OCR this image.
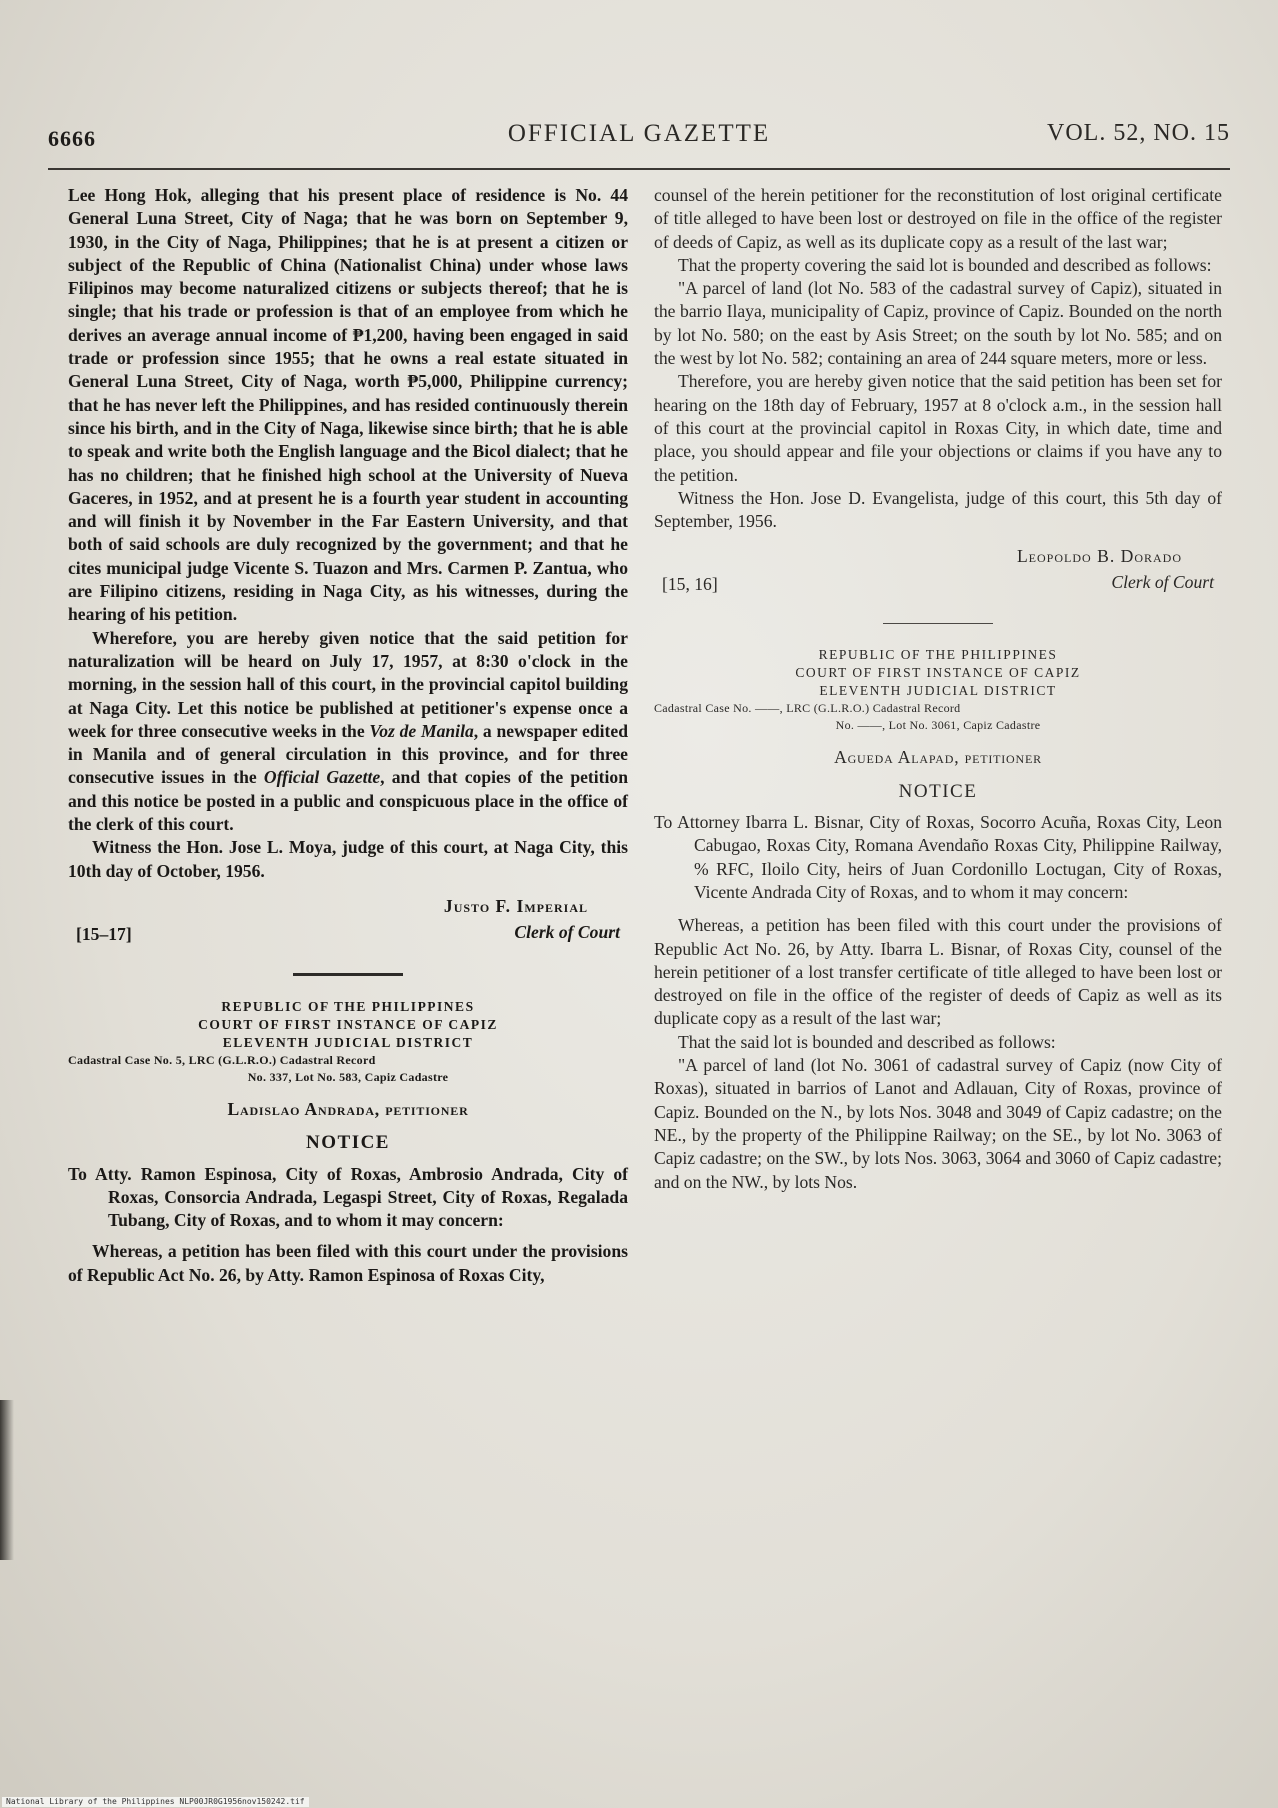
6666	OFFICIAL GAZETTE	VOL. 52, NO. 15

Lee Hong Hok, alleging that his present place of residence is No. 44 General Luna Street, City of Naga; that he was born on September 9, 1930, in the City of Naga, Philippines; that he is at present a citizen or subject of the Republic of China (Nationalist China) under whose laws Filipinos may become naturalized citizens or subjects thereof; that he is single; that his trade or profession is that of an employee from which he derives an average annual income of ₱1,200, having been engaged in said trade or profession since 1955; that he owns a real estate situated in General Luna Street, City of Naga, worth ₱5,000, Philippine currency; that he has never left the Philippines, and has resided continuously therein since his birth, and in the City of Naga, likewise since birth; that he is able to speak and write both the English language and the Bicol dialect; that he has no children; that he finished high school at the University of Nueva Gaceres, in 1952, and at present he is a fourth year student in accounting and will finish it by November in the Far Eastern University, and that both of said schools are duly recognized by the government; and that he cites municipal judge Vicente S. Tuazon and Mrs. Carmen P. Zantua, who are Filipino citizens, residing in Naga City, as his witnesses, during the hearing of his petition.

Wherefore, you are hereby given notice that the said petition for naturalization will be heard on July 17, 1957, at 8:30 o'clock in the morning, in the session hall of this court, in the provincial capitol building at Naga City. Let this notice be published at petitioner's expense once a week for three consecutive weeks in the Voz de Manila, a newspaper edited in Manila and of general circulation in this province, and for three consecutive issues in the Official Gazette, and that copies of the petition and this notice be posted in a public and conspicuous place in the office of the clerk of this court.

Witness the Hon. Jose L. Moya, judge of this court, at Naga City, this 10th day of October, 1956.

Justo F. Imperial
[15–17]	Clerk of Court
REPUBLIC OF THE PHILIPPINES
COURT OF FIRST INSTANCE OF CAPIZ
ELEVENTH JUDICIAL DISTRICT

Cadastral Case No. 5, LRC (G.L.R.O.) Cadastral Record
No. 337, Lot No. 583, Capiz Cadastre

Ladislao Andrada, petitioner
NOTICE

To Atty. Ramon Espinosa, City of Roxas, Ambrosio Andrada, City of Roxas, Consorcia Andrada, Legaspi Street, City of Roxas, Regalada Tubang, City of Roxas, and to whom it may concern:

Whereas, a petition has been filed with this court under the provisions of Republic Act No. 26, by Atty. Ramon Espinosa of Roxas City,

counsel of the herein petitioner for the reconstitution of lost original certificate of title alleged to have been lost or destroyed on file in the office of the register of deeds of Capiz, as well as its duplicate copy as a result of the last war;

That the property covering the said lot is bounded and described as follows:

"A parcel of land (lot No. 583 of the cadastral survey of Capiz), situated in the barrio Ilaya, municipality of Capiz, province of Capiz. Bounded on the north by lot No. 580; on the east by Asis Street; on the south by lot No. 585; and on the west by lot No. 582; containing an area of 244 square meters, more or less.

Therefore, you are hereby given notice that the said petition has been set for hearing on the 18th day of February, 1957 at 8 o'clock a.m., in the session hall of this court at the provincial capitol in Roxas City, in which date, time and place, you should appear and file your objections or claims if you have any to the petition.

Witness the Hon. Jose D. Evangelista, judge of this court, this 5th day of September, 1956.

Leopoldo B. Dorado
[15, 16]	Clerk of Court
REPUBLIC OF THE PHILIPPINES
COURT OF FIRST INSTANCE OF CAPIZ
ELEVENTH JUDICIAL DISTRICT

Cadastral Case No. ——, LRC (G.L.R.O.) Cadastral Record
No. ——, Lot No. 3061, Capiz Cadastre

Agueda Alapad, petitioner
NOTICE

To Attorney Ibarra L. Bisnar, City of Roxas, Socorro Acuña, Roxas City, Leon Cabugao, Roxas City, Romana Avendaño Roxas City, Philippine Railway, % RFC, Iloilo City, heirs of Juan Cordonillo Loctugan, City of Roxas, Vicente Andrada City of Roxas, and to whom it may concern:

Whereas, a petition has been filed with this court under the provisions of Republic Act No. 26, by Atty. Ibarra L. Bisnar, of Roxas City, counsel of the herein petitioner of a lost transfer certificate of title alleged to have been lost or destroyed on file in the office of the register of deeds of Capiz as well as its duplicate copy as a result of the last war;

That the said lot is bounded and described as follows:

"A parcel of land (lot No. 3061 of cadastral survey of Capiz (now City of Roxas), situated in barrios of Lanot and Adlauan, City of Roxas, province of Capiz. Bounded on the N., by lots Nos. 3048 and 3049 of Capiz cadastre; on the NE., by the property of the Philippine Railway; on the SE., by lot No. 3063 of Capiz cadastre; on the SW., by lots Nos. 3063, 3064 and 3060 of Capiz cadastre; and on the NW., by lots Nos.

National Library of the Philippines NLP00JR0G1956nov150242.tif
